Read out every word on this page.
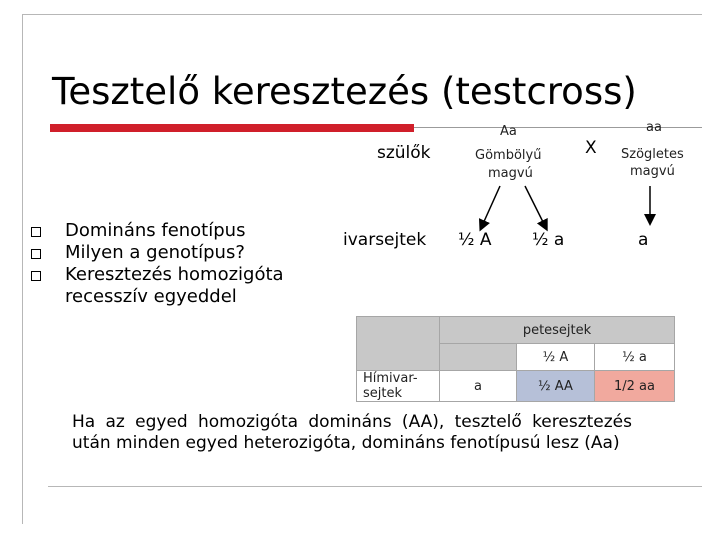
Tesztelő keresztezés (testcross)
Domináns fenotípus
Milyen a genotípus?
Keresztezés homozigóta
recesszív egyeddel
szülők
Aa
Gömbölyű
magvú
X
aa
Szögletes
magvú
ivarsejtek ½ A ½ a	a
	petesejtek		
		½ A	½ a

Hímivar-
sejtek	a	½ AA	1/2 aa
Ha az egyed homozigóta domináns (AA), tesztelő keresztezés után minden egyed heterozigóta, domináns fenotípusú lesz (Aa)
